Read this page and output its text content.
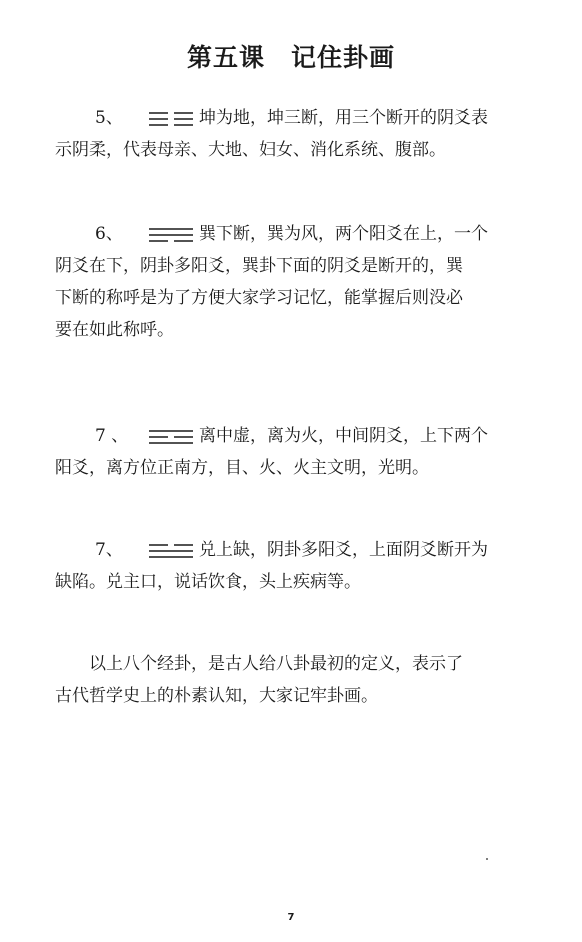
第五课　记住卦画
5、	坤为地，坤三断，用三个断开的阴爻表
示阴柔，代表母亲、大地、妇女、消化系统、腹部。
6、	巽下断，巽为风，两个阳爻在上，一个
阴爻在下，阴卦多阳爻，巽卦下面的阴爻是断开的，巽
下断的称呼是为了方便大家学习记忆，能掌握后则没必
要在如此称呼。
7 、	离中虚，离为火，中间阴爻，上下两个
阳爻，离方位正南方，目、火、火主文明，光明。
7、	兑上缺，阴卦多阳爻，上面阴爻断开为
缺陷。兑主口，说话饮食，头上疾病等。
以上八个经卦，是古人给八卦最初的定义，表示了
古代哲学史上的朴素认知，大家记牢卦画。
7
